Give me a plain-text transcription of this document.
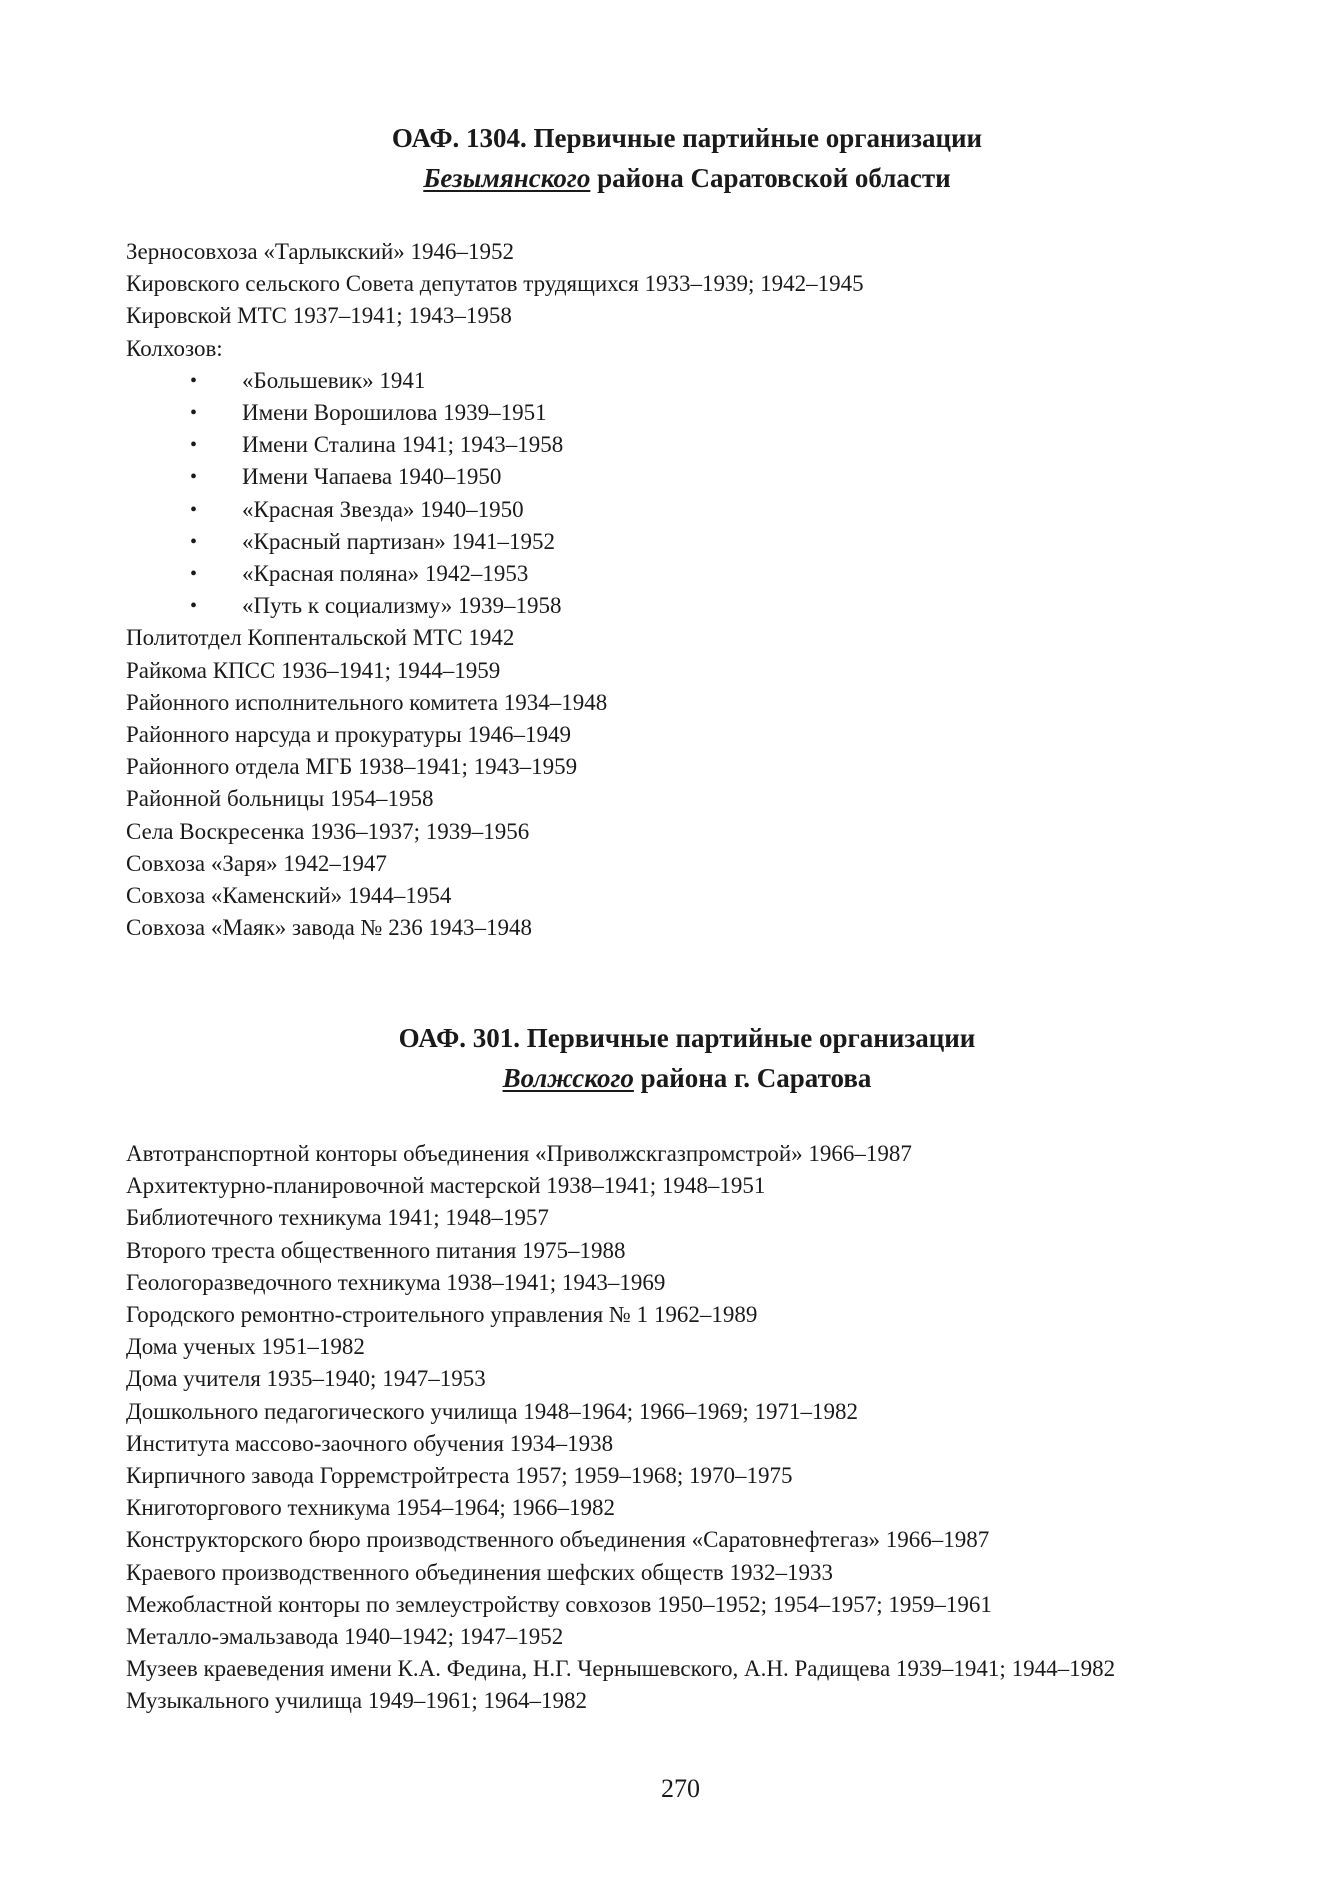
ОАФ. 1304. Первичные партийные организации
Безымянского района Саратовской области
Зерносовхоза «Тарлыкский» 1946–1952
Кировского сельского Совета депутатов трудящихся 1933–1939; 1942–1945
Кировской МТС 1937–1941; 1943–1958
Колхозов:
• «Большевик» 1941
• Имени Ворошилова 1939–1951
• Имени Сталина 1941; 1943–1958
• Имени Чапаева 1940–1950
• «Красная Звезда» 1940–1950
• «Красный партизан» 1941–1952
• «Красная поляна» 1942–1953
• «Путь к социализму» 1939–1958
Политотдел Коппентальской МТС 1942
Райкома КПСС 1936–1941; 1944–1959
Районного исполнительного комитета 1934–1948
Районного нарсуда и прокуратуры 1946–1949
Районного отдела МГБ 1938–1941; 1943–1959
Районной больницы 1954–1958
Села Воскресенка 1936–1937; 1939–1956
Совхоза «Заря» 1942–1947
Совхоза «Каменский» 1944–1954
Совхоза «Маяк» завода № 236 1943–1948
ОАФ. 301. Первичные партийные организации
Волжского района г. Саратова
Автотранспортной конторы объединения «Приволжскгазпромстрой» 1966–1987
Архитектурно-планировочной мастерской 1938–1941; 1948–1951
Библиотечного техникума 1941; 1948–1957
Второго треста общественного питания 1975–1988
Геологоразведочного техникума 1938–1941; 1943–1969
Городского ремонтно-строительного управления № 1 1962–1989
Дома ученых 1951–1982
Дома учителя 1935–1940; 1947–1953
Дошкольного педагогического училища 1948–1964; 1966–1969; 1971–1982
Института массово-заочного обучения 1934–1938
Кирпичного завода Горремстройтреста 1957; 1959–1968; 1970–1975
Книготоргового техникума 1954–1964; 1966–1982
Конструкторского бюро производственного объединения «Саратовнефтегаз» 1966–1987
Краевого производственного объединения шефских обществ 1932–1933
Межобластной конторы по землеустройству совхозов 1950–1952; 1954–1957; 1959–1961
Металло-эмальзавода 1940–1942; 1947–1952
Музеев краеведения имени К.А. Федина, Н.Г. Чернышевского, А.Н. Радищева 1939–1941; 1944–1982
Музыкального училища 1949–1961; 1964–1982
270
